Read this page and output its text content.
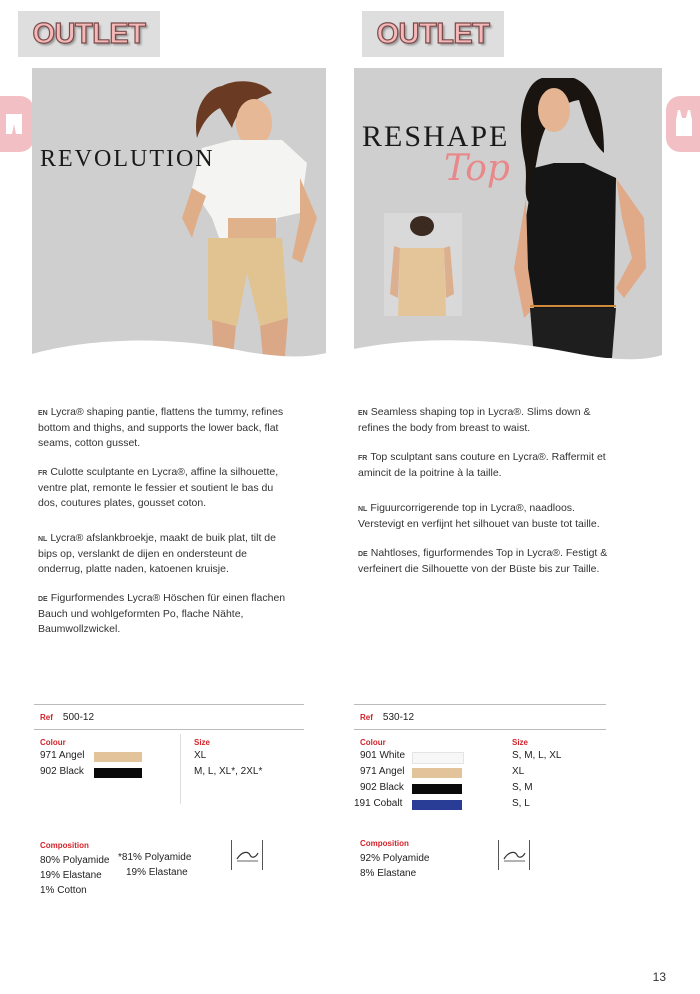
OUTLET	OUTLET
REVOLUTION
RESHAPE
Top

EN Lycra® shaping pantie, flattens the tummy, refines bottom and thighs, and supports the lower back, flat seams, cotton gusset.

FR Culotte sculptante en Lycra®, affine la silhouette, ventre plat, remonte le fessier et soutient le bas du dos, coutures plates, gousset coton.

NL Lycra® afslankbroekje, maakt de buik plat, tilt de bips op, verslankt de dijen en ondersteunt de onderrug, platte naden, katoenen kruisje.

DE Figurformendes Lycra® Höschen für einen flachen Bauch und wohlgeformten Po, flache Nähte, Baumwollzwickel.

EN Seamless shaping top in Lycra®. Slims down & refines the body from breast to waist.

FR Top sculptant sans couture en Lycra®. Raffermit et amincit de la poitrine à la taille.

NL Figuurcorrigerende top in Lycra®, naadloos. Verstevigt en verfijnt het silhouet van buste tot taille.

DE Nahtloses, figurformendes Top in Lycra®. Festigt & verfeinert die Silhouette von der Büste bis zur Taille.

Ref 500-12
Colour
971 Angel
902 Black
Size
XL
M, L, XL*, 2XL*
Composition
80% Polyamide
19% Elastane
1% Cotton
*81% Polyamide
19% Elastane
Ref 530-12
Colour
901 White
971 Angel
902 Black
191 Cobalt
Size
S, M, L, XL
XL
S, M
S, L
Composition
92% Polyamide
8% Elastane
13
